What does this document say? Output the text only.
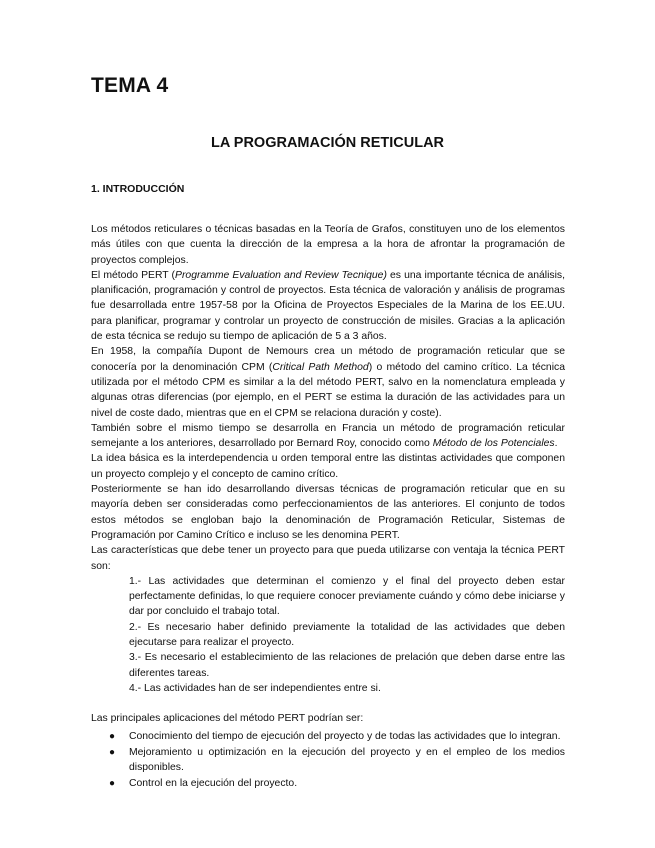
TEMA 4
LA PROGRAMACIÓN RETICULAR
1. INTRODUCCIÓN

Los métodos reticulares o técnicas basadas en la Teoría de Grafos, constituyen uno de los elementos más útiles con que cuenta la dirección de la empresa a la hora de afrontar la programación de proyectos complejos.

El método PERT (Programme Evaluation and Review Tecnique) es una importante técnica de análisis, planificación, programación y control de proyectos. Esta técnica de valoración y análisis de programas fue desarrollada entre 1957-58 por la Oficina de Proyectos Especiales de la Marina de los EE.UU. para planificar, programar y controlar un proyecto de construcción de misiles. Gracias a la aplicación de esta técnica se redujo su tiempo de aplicación de 5 a 3 años.

En 1958, la compañía Dupont de Nemours crea un método de programación reticular que se conocería por la denominación CPM (Critical Path Method) o método del camino crítico. La técnica utilizada por el método CPM es similar a la del método PERT, salvo en la nomenclatura empleada y algunas otras diferencias (por ejemplo, en el PERT se estima la duración de las actividades para un nivel de coste dado, mientras que en el CPM se relaciona duración y coste).

También sobre el mismo tiempo se desarrolla en Francia un método de programación reticular semejante a los anteriores, desarrollado por Bernard Roy, conocido como Método de los Potenciales.

La idea básica es la interdependencia u orden temporal entre las distintas actividades que componen un proyecto complejo y el concepto de camino crítico.

Posteriormente se han ido desarrollando diversas técnicas de programación reticular que en su mayoría deben ser consideradas como perfeccionamientos de las anteriores. El conjunto de todos estos métodos se engloban bajo la denominación de Programación Reticular, Sistemas de Programación por Camino Crítico e incluso se les denomina PERT.

Las características que debe tener un proyecto para que pueda utilizarse con ventaja la técnica PERT son:

1.- Las actividades que determinan el comienzo y el final del proyecto deben estar perfectamente definidas, lo que requiere conocer previamente cuándo y cómo debe iniciarse y dar por concluido el trabajo total.
2.- Es necesario haber definido previamente la totalidad de las actividades que deben ejecutarse para realizar el proyecto.
3.- Es necesario el establecimiento de las relaciones de prelación que deben darse entre las diferentes tareas.
4.- Las actividades han de ser independientes entre si.

Las principales aplicaciones del método PERT podrían ser:

● Conocimiento del tiempo de ejecución del proyecto y de todas las actividades que lo integran.
● Mejoramiento u optimización en la ejecución del proyecto y en el empleo de los medios disponibles.
● Control en la ejecución del proyecto.
